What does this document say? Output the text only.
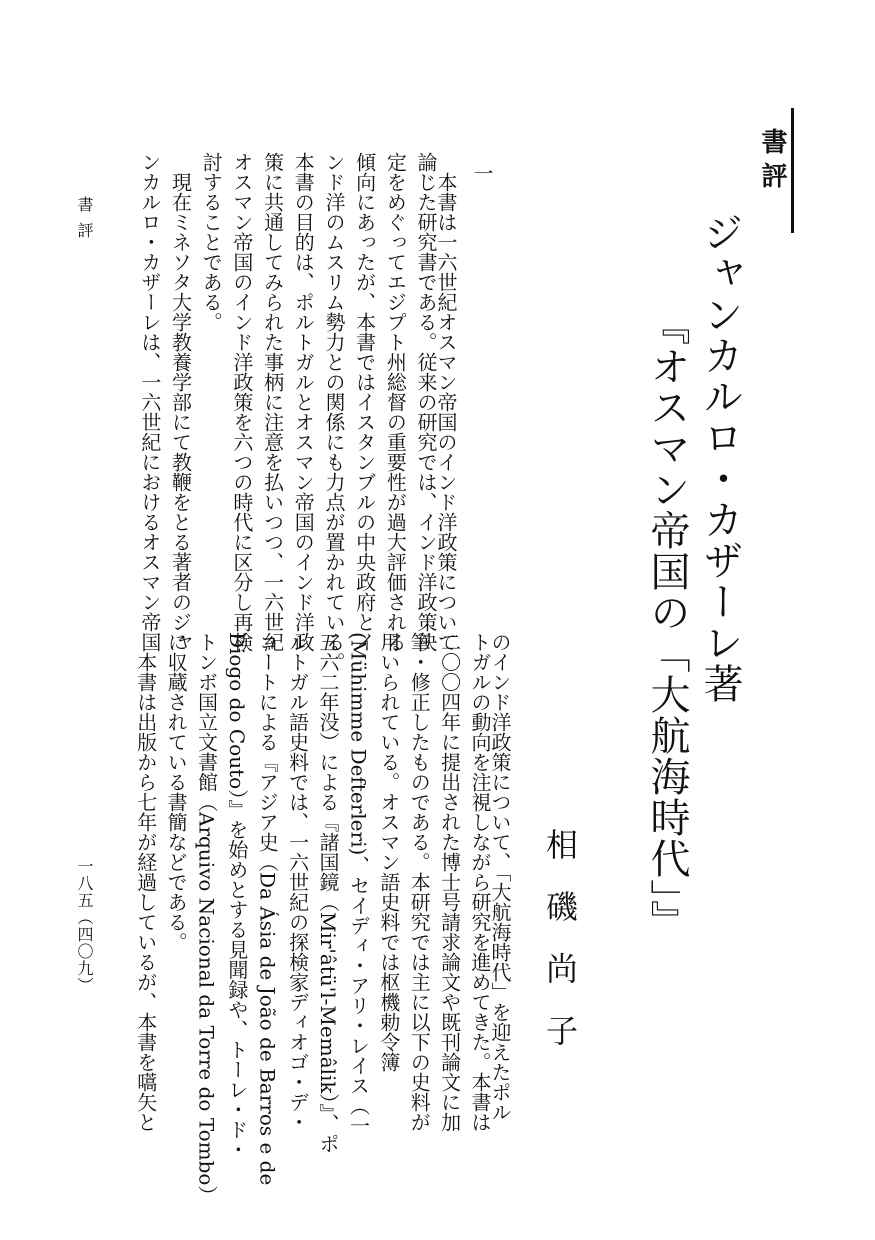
書評
ジャンカルロ・カザーレ著
『オスマン帝国の「大航海時代」』
相磯尚子
一
　本書は一六世紀オスマン帝国のインド洋政策について
論じた研究書である。従来の研究では、インド洋政策決
定をめぐってエジプト州総督の重要性が過大評価される
傾向にあったが、本書ではイスタンブルの中央政府とイ
ンド洋のムスリム勢力との関係にも力点が置かれている。
本書の目的は、ポルトガルとオスマン帝国のインド洋政
策に共通してみられた事柄に注意を払いつつ、一六世紀
オスマン帝国のインド洋政策を六つの時代に区分し再検
討することである。
　現在ミネソタ大学教養学部にて教鞭をとる著者のジャ
ンカルロ・カザーレは、一六世紀におけるオスマン帝国
のインド洋政策について、「大航海時代」を迎えたポル
トガルの動向を注視しながら研究を進めてきた。本書は
二〇〇四年に提出された博士号請求論文や既刊論文に加
筆・修正したものである。本研究では主に以下の史料が
用いられている。オスマン語史料では枢機勅令簿
(Mühimme Defterleri)、セイディ・アリ・レイス（一
五六二年没）による『諸国鏡（Mir'âtü'l-Memâlik）』、ポ
ルトガル語史料では、一六世紀の探検家ディオゴ・デ・
コートによる『アジア史（Da Ásia de João de Barros e de
Diogo do Couto）』を始めとする見聞録や、トーレ・ド・
トンボ国立文書館（Arquivo Nacional da Torre do Tombo）
に収蔵されている書簡などである。
　本書は出版から七年が経過しているが、本書を嚆矢と
書評
一八五（四〇九）
